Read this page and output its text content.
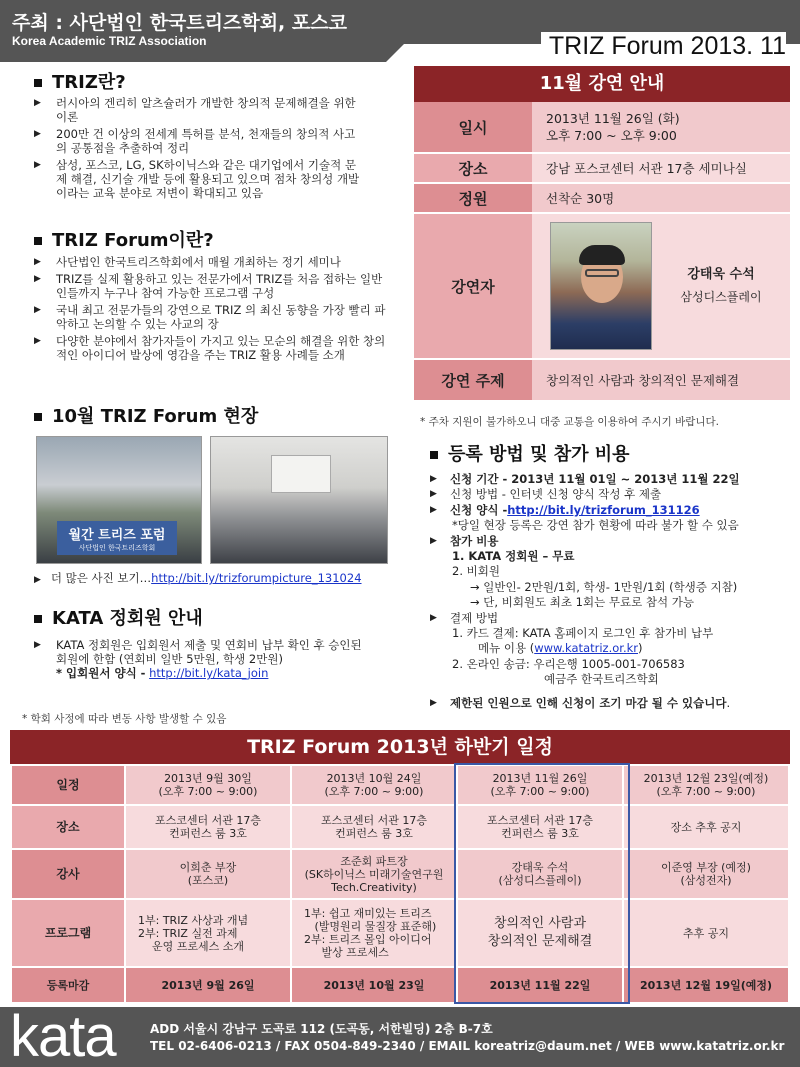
주최 : 사단법인 한국트리즈학회, 포스코
Korea Academic TRIZ Association	TRIZ Forum 2013. 11
TRIZ란?
▶ 러시아의 겐리히 알츠슐러가 개발한 창의적 문제해결을 위한 이론
▶ 200만 건 이상의 전세계 특허를 분석, 천재들의 창의적 사고의 공통점을 추출하여 정리
▶ 삼성, 포스코, LG, SK하이닉스와 같은 대기업에서 기술적 문제 해결, 신기술 개발 등에 활용되고 있으며 점차 창의성 개발이라는 교육 분야로 저변이 확대되고 있음
TRIZ Forum이란?
▶ 사단법인 한국트리즈학회에서 매월 개최하는 정기 세미나
▶ TRIZ를 실제 활용하고 있는 전문가에서 TRIZ를 처음 접하는 일반인들까지 누구나 참여 가능한 프로그램 구성
▶ 국내 최고 전문가들의 강연으로 TRIZ 의 최신 동향을 가장 빨리 파악하고 논의할 수 있는 사교의 장
▶ 다양한 분야에서 참가자들이 가지고 있는 모순의 해결을 위한 창의적인 아이디어 발상에 영감을 주는 TRIZ 활용 사례들 소개
10월 TRIZ Forum 현장
월간 트리즈 포럼
사단법인 한국트리즈학회
▶ 더 많은 사진 보기…http://bit.ly/trizforumpicture_131024
KATA 정회원 안내
▶ KATA 정회원은 입회원서 제출 및 연회비 납부 확인 후 승인된 회원에 한함 (연회비 일반 5만원, 학생 2만원)
* 입회원서 양식 - http://bit.ly/kata_join
* 학회 사정에 따라 변동 사항 발생할 수 있음
11월 강연 안내
일시	2013년 11월 26일 (화)
오후 7:00 ~ 오후 9:00
장소	강남 포스코센터 서관 17층 세미나실
정원	선착순 30명
강연자
강태욱 수석
삼성디스플레이
강연 주제	창의적인 사람과 창의적인 문제해결
* 주차 지원이 불가하오니 대중 교통을 이용하여 주시기 바랍니다.
등록 방법 및 참가 비용
▶ 신청 기간 - 2013년 11월 01일 ~ 2013년 11월 22일
▶ 신청 방법 - 인터넷 신청 양식 작성 후 제출
▶ 신청 양식 -http://bit.ly/trizforum_131126
*당일 현장 등록은 강연 참가 현황에 따라 불가 할 수 있음
▶ 참가 비용
1. KATA 정회원 – 무료
2. 비회원
→ 일반인- 2만원/1회, 학생- 1만원/1회 (학생증 지참)
→ 단, 비회원도 최초 1회는 무료로 참석 가능
▶ 결제 방법
1. 카드 결제: KATA 홈페이지 로그인 후 참가비 납부
메뉴 이용 (www.katatriz.or.kr)
2. 온라인 송금: 우리은행 1005-001-706583
예금주 한국트리즈학회
▶ 제한된 인원으로 인해 신청이 조기 마감 될 수 있습니다.
TRIZ Forum 2013년 하반기 일정
일정	2013년 9월 30일
(오후 7:00 ~ 9:00)	2013년 10월 24일
(오후 7:00 ~ 9:00)	2013년 11월 26일
(오후 7:00 ~ 9:00)	2013년 12월 23일(예정)
(오후 7:00 ~ 9:00)
장소	포스코센터 서관 17층
컨퍼런스 룸 3호	포스코센터 서관 17층
컨퍼런스 룸 3호	포스코센터 서관 17층
컨퍼런스 룸 3호	장소 추후 공지
강사	이희춘 부장
(포스코)	조준회 파트장
(SK하이닉스 미래기술연구원 Tech.Creativity)	강태욱 수석
(삼성디스플레이)	이준영 부장 (예정)
(삼성전자)
프로그램	1부: TRIZ 사상과 개념
2부: TRIZ 실전 과제
운영 프로세스 소개	1부: 쉽고 재미있는 트리즈
(발명원리 물질장 표준해)
2부: 트리즈 몰입 아이디어
발상 프로세스	창의적인 사람과
창의적인 문제해결	추후 공지
등록마감	2013년 9월 26일	2013년 10월 23일	2013년 11월 22일	2013년 12월 19일(예정)
kata	ADD 서울시 강남구 도곡로 112 (도곡동, 서한빌딩) 2층 B-7호
TEL 02-6406-0213 / FAX 0504-849-2340 / EMAIL koreatriz@daum.net / WEB www.katatriz.or.kr
